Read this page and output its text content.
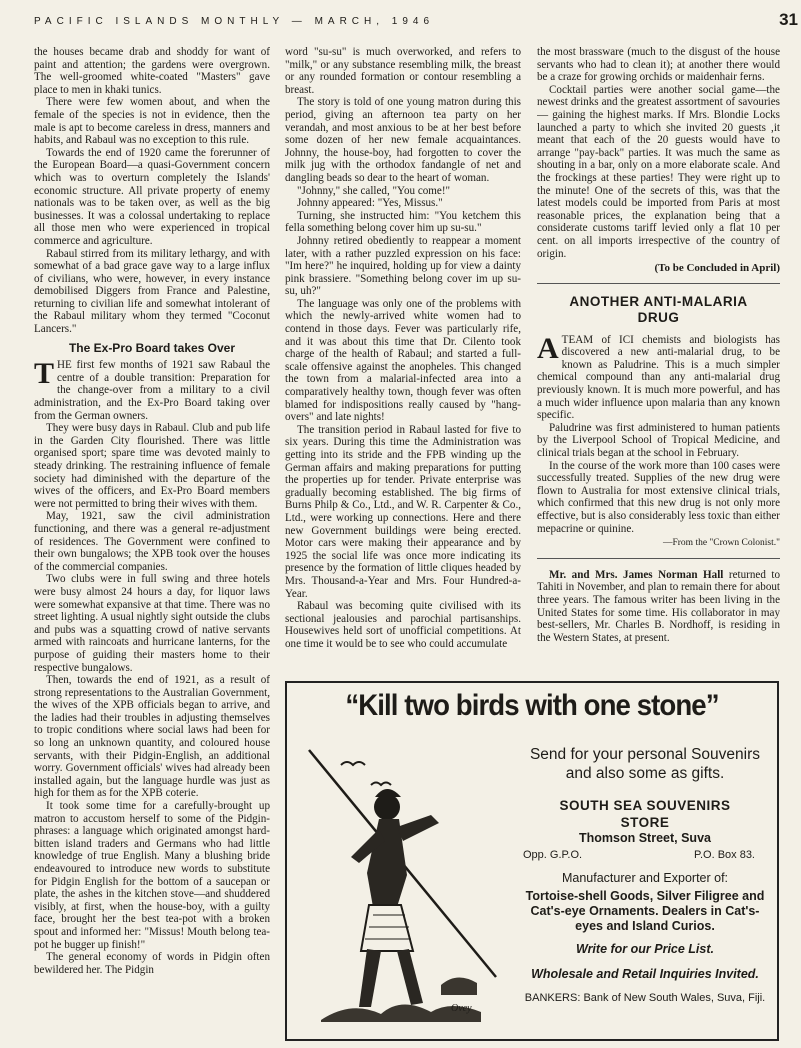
PACIFIC ISLANDS MONTHLY — MARCH, 1946	31

the houses became drab and shoddy for want of paint and attention; the gardens were overgrown. The well-groomed white-coated "Masters" gave place to men in khaki tunics.

There were few women about, and when the female of the species is not in evidence, then the male is apt to become careless in dress, manners and habits, and Rabaul was no exception to this rule.

Towards the end of 1920 came the forerunner of the European Board—a quasi-Government concern which was to overturn completely the Islands' economic structure. All private property of enemy nationals was to be taken over, as well as the big businesses. It was a colossal undertaking to replace all those men who were experienced in tropical commerce and agriculture.

Rabaul stirred from its military lethargy, and with somewhat of a bad grace gave way to a large influx of civilians, who were, however, in every instance demobilised Diggers from France and Palestine, returning to civilian life and somewhat intolerant of the Rabaul military whom they termed "Coconut Lancers."

The Ex-Pro Board takes Over

THE first few months of 1921 saw Rabaul the centre of a double transition: Preparation for the change-over from a military to a civil administration, and the Ex-Pro Board taking over from the German owners.

They were busy days in Rabaul. Club and pub life in the Garden City flourished. There was little organised sport; spare time was devoted mainly to steady drinking. The restraining influence of female society had diminished with the departure of the wives of the officers, and Ex-Pro Board members were not permitted to bring their wives with them.

May, 1921, saw the civil administration functioning, and there was a general re-adjustment of residences. The Government were confined to their own bungalows; the XPB took over the houses of the commercial companies.

Two clubs were in full swing and three hotels were busy almost 24 hours a day, for liquor laws were somewhat expansive at that time. There was no street lighting. A usual nightly sight outside the clubs and pubs was a squatting crowd of native servants armed with raincoats and hurricane lanterns, for the purpose of guiding their masters home to their respective bungalows.

Then, towards the end of 1921, as a result of strong representations to the Australian Government, the wives of the XPB officials began to arrive, and the ladies had their troubles in adjusting themselves to tropic conditions where social laws had been for so long an unknown quantity, and coloured house servants, with their Pidgin-English, an additional worry. Government officials' wives had already been installed again, but the language hurdle was just as high for them as for the XPB coterie.

It took some time for a carefully-brought up matron to accustom herself to some of the Pidgin-phrases: a language which originated amongst hard-bitten island traders and Germans who had little knowledge of true English. Many a blushing bride endeavoured to introduce new words to substitute for Pidgin English for the bottom of a saucepan or plate, the ashes in the kitchen stove—and shuddered visibly, at first, when the house-boy, with a guilty face, brought her the best tea-pot with a broken spout and informed her: "Missus! Mouth belong tea-pot he bugger up finish!"

The general economy of words in Pidgin often bewildered her. The Pidgin

word "su-su" is much overworked, and refers to "milk," or any substance resembling milk, the breast or any rounded formation or contour resembling a breast.

The story is told of one young matron during this period, giving an afternoon tea party on her verandah, and most anxious to be at her best before some dozen of her new female acquaintances. Johnny, the house-boy, had forgotten to cover the milk jug with the orthodox fandangle of net and dangling beads so dear to the heart of woman.

"Johnny," she called, "You come!"

Johnny appeared: "Yes, Missus."

Turning, she instructed him: "You ketchem this fella something belong cover him up su-su."

Johnny retired obediently to reappear a moment later, with a rather puzzled expression on his face: "Im here?" he inquired, holding up for view a dainty pink brassiere. "Something belong cover im up su-su, uh?"

The language was only one of the problems with which the newly-arrived white women had to contend in those days. Fever was particularly rife, and it was about this time that Dr. Cilento took charge of the health of Rabaul; and started a full-scale offensive against the anopheles. This changed the town from a malarial-infected area into a comparatively healthy town, though fever was often blamed for indispositions really caused by "hang-overs" and late nights!

The transition period in Rabaul lasted for five to six years. During this time the Administration was getting into its stride and the FPB winding up the German affairs and making preparations for putting the properties up for tender. Private enterprise was gradually becoming established. The big firms of Burns Philp & Co., Ltd., and W. R. Carpenter & Co., Ltd., were working up connections. Here and there new Government buildings were being erected. Motor cars were making their appearance and by 1925 the social life was once more indicating its presence by the formation of little cliques headed by Mrs. Thousand-a-Year and Mrs. Four Hundred-a-Year.

Rabaul was becoming quite civilised with its sectional jealousies and parochial partisanships. Housewives held sort of unofficial competitions. At one time it would be to see who could accumulate

the most brassware (much to the disgust of the house servants who had to clean it); at another there would be a craze for growing orchids or maidenhair ferns.

Cocktail parties were another social game—the newest drinks and the greatest assortment of savouries — gaining the highest marks. If Mrs. Blondie Locks launched a party to which she invited 20 guests ,it meant that each of the 20 guests would have to arrange "pay-back" parties. It was much the same as shouting in a bar, only on a more elaborate scale. And the frockings at these parties! They were right up to the minute! One of the secrets of this, was that the latest models could be imported from Paris at most reasonable prices, the explanation being that a considerate customs tariff levied only a flat 10 per cent. on all imports irrespective of the country of origin.

(To be Concluded in April)
ANOTHER ANTI-MALARIA
DRUG

ATEAM of ICI chemists and biologists has discovered a new anti-malarial drug, to be known as Paludrine. This is a much simpler chemical compound than any anti-malarial drug previously known. It is much more powerful, and has a much wider influence upon malaria than any known specific.

Paludrine was first administered to human patients by the Liverpool School of Tropical Medicine, and clinical trials began at the school in February.

In the course of the work more than 100 cases were successfully treated. Supplies of the new drug were flown to Australia for most extensive clinical trials, which confirmed that this new drug is not only more effective, but is also considerably less toxic than either mepacrine or quinine.

—From the "Crown Colonist."

Mr. and Mrs. James Norman Hall returned to Tahiti in November, and plan to remain there for about three years. The famous writer has been living in the United States for some time. His collaborator in may best-sellers, Mr. Charles B. Nordhoff, is residing in the Western States, at present.

“Kill two birds with one stone”
Ovey
Send for your personal Souvenirs and also some as gifts.
SOUTH SEA SOUVENIRS
STORE
Thomson Street, Suva
Opp. G.P.O.	P.O. Box 83.
Manufacturer and Exporter of:
Tortoise-shell Goods, Silver Filigree and Cat's-eye Ornaments. Dealers in Cat's-eyes and Island Curios.
Write for our Price List.
Wholesale and Retail Inquiries Invited.
BANKERS: Bank of New South Wales, Suva, Fiji.
